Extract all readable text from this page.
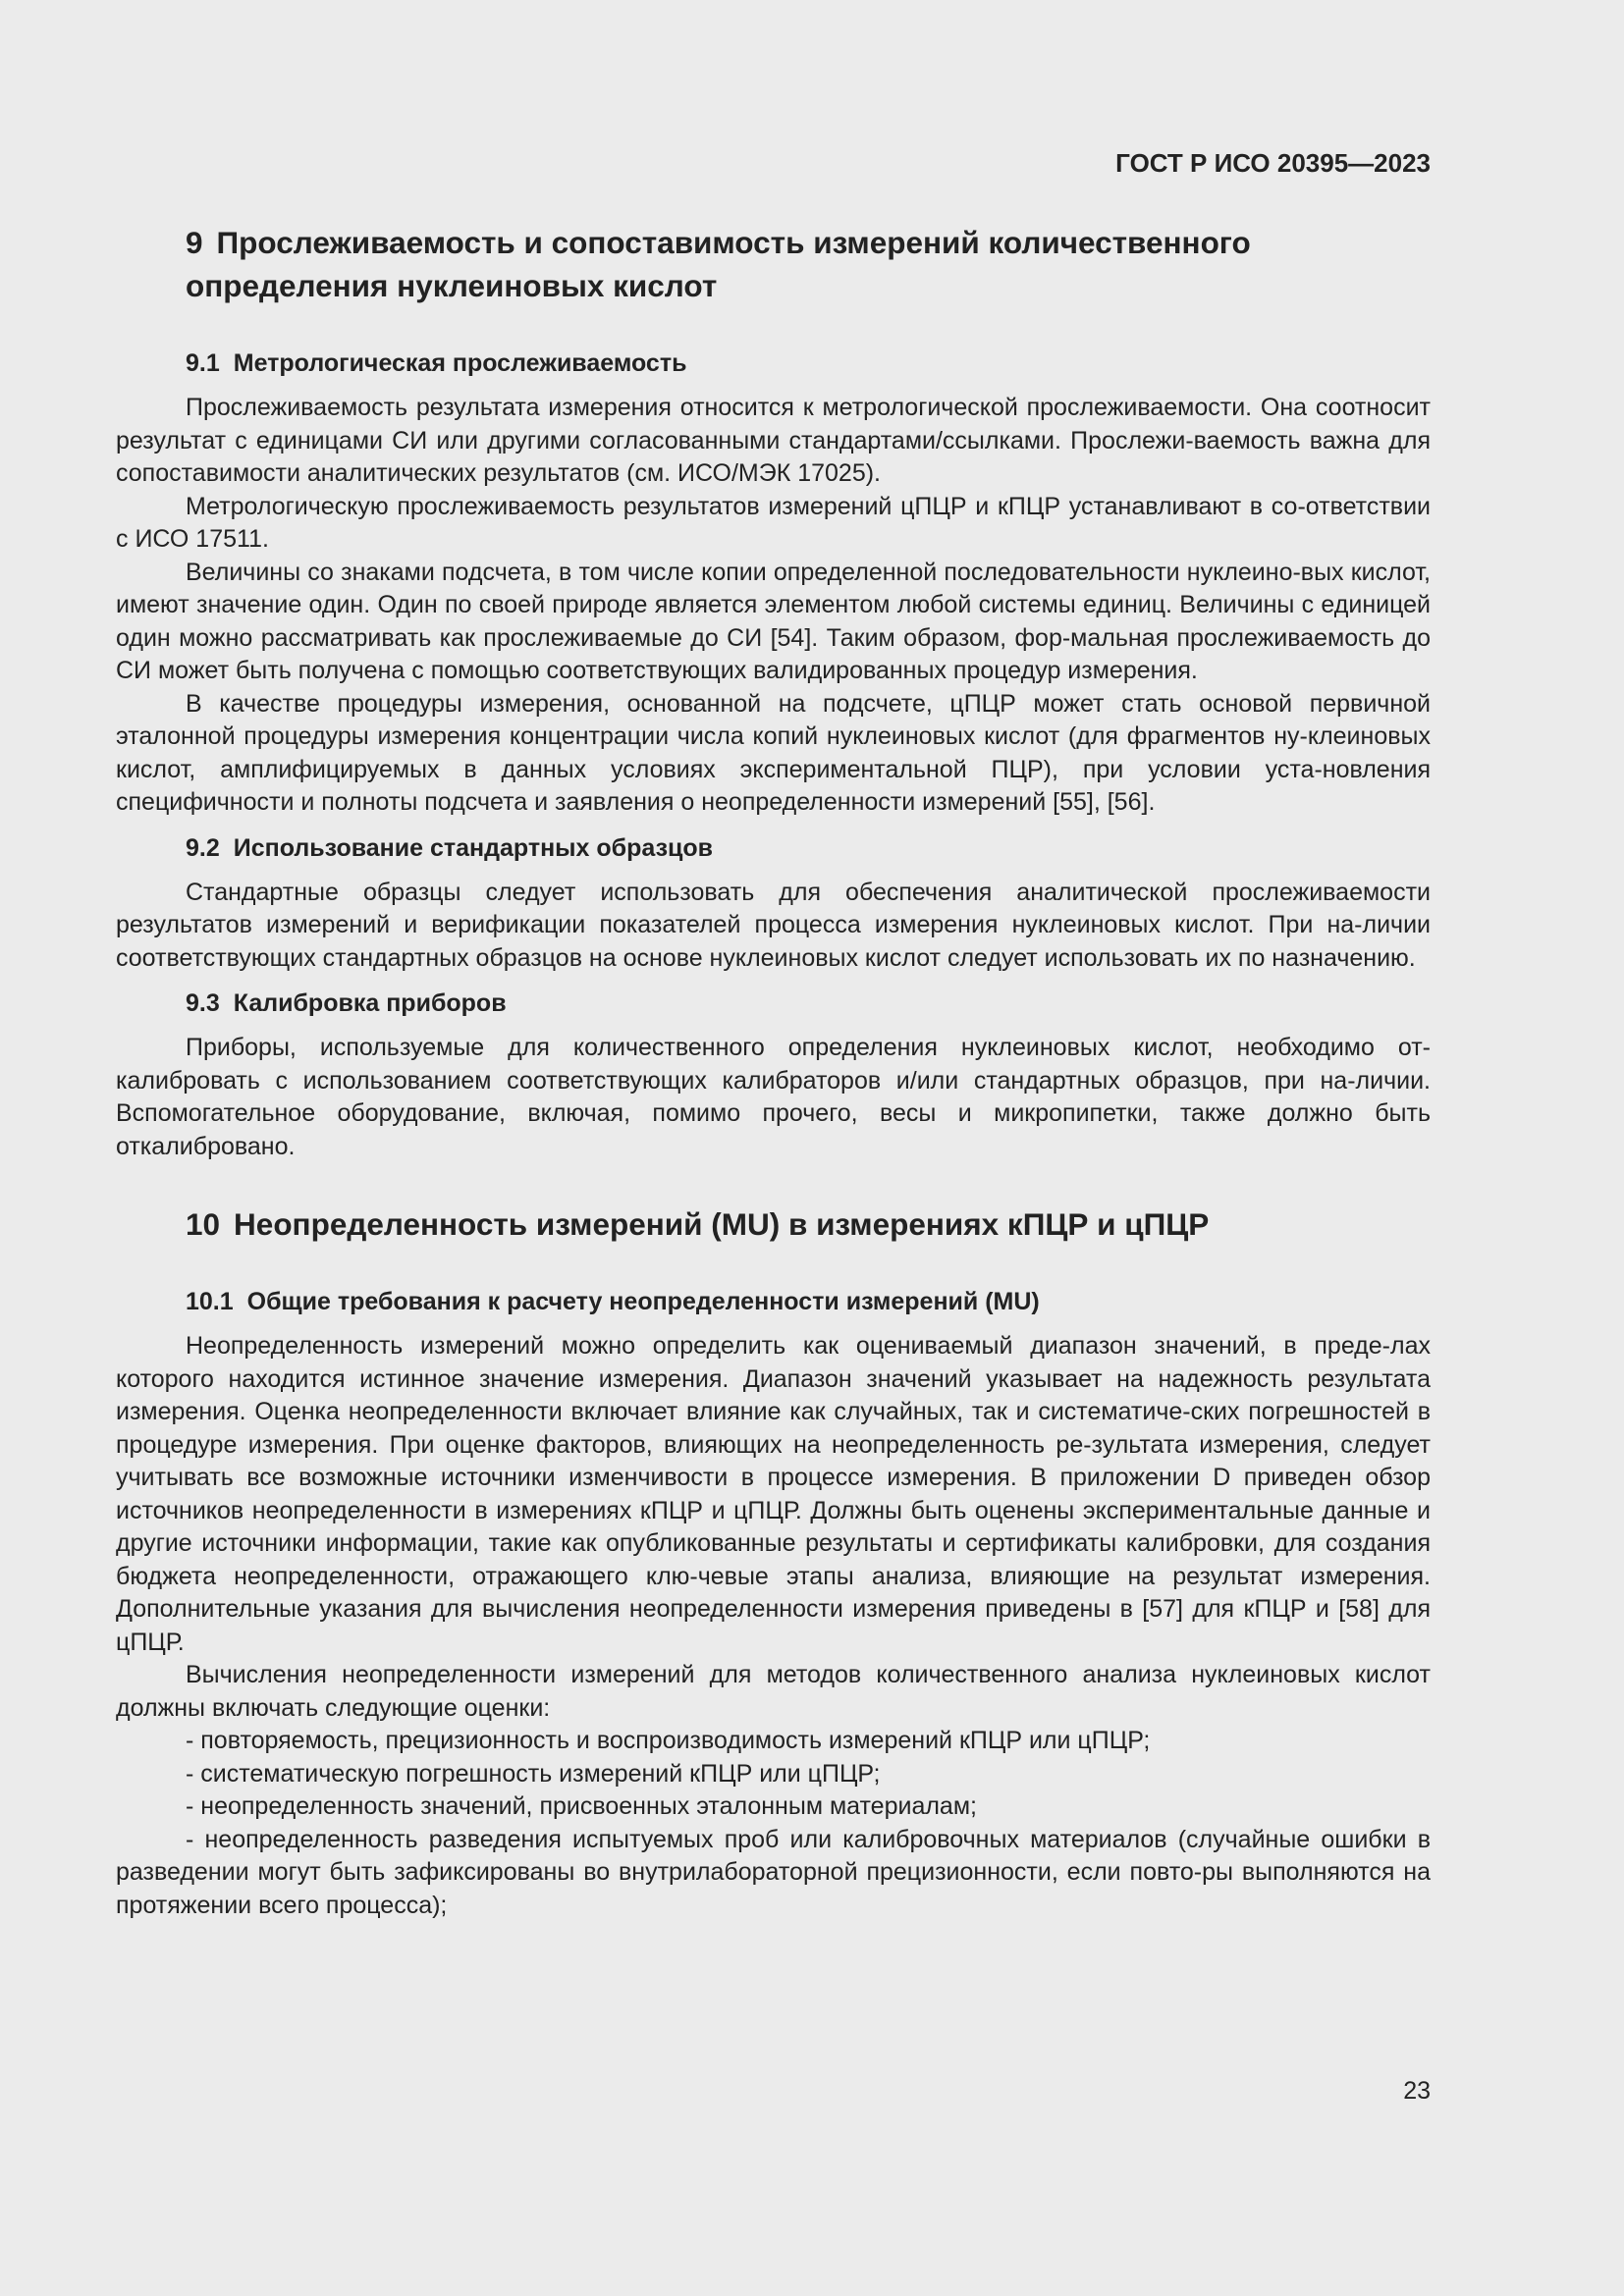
ГОСТ Р ИСО 20395—2023

9 Прослеживаемость и сопоставимость измерений количественного определения нуклеиновых кислот
9.1 Метрологическая прослеживаемость

Прослеживаемость результата измерения относится к метрологической прослеживаемости. Она соотносит результат с единицами СИ или другими согласованными стандартами/ссылками. Прослежи-ваемость важна для сопоставимости аналитических результатов (см. ИСО/МЭК 17025).

Метрологическую прослеживаемость результатов измерений цПЦР и кПЦР устанавливают в со-ответствии с ИСО 17511.

Величины со знаками подсчета, в том числе копии определенной последовательности нуклеино-вых кислот, имеют значение один. Один по своей природе является элементом любой системы единиц. Величины с единицей один можно рассматривать как прослеживаемые до СИ [54]. Таким образом, фор-мальная прослеживаемость до СИ может быть получена с помощью соответствующих валидированных процедур измерения.

В качестве процедуры измерения, основанной на подсчете, цПЦР может стать основой первичной эталонной процедуры измерения концентрации числа копий нуклеиновых кислот (для фрагментов ну-клеиновых кислот, амплифицируемых в данных условиях экспериментальной ПЦР), при условии уста-новления специфичности и полноты подсчета и заявления о неопределенности измерений [55], [56].

9.2 Использование стандартных образцов

Стандартные образцы следует использовать для обеспечения аналитической прослеживаемости результатов измерений и верификации показателей процесса измерения нуклеиновых кислот. При на-личии соответствующих стандартных образцов на основе нуклеиновых кислот следует использовать их по назначению.

9.3 Калибровка приборов

Приборы, используемые для количественного определения нуклеиновых кислот, необходимо от-калибровать с использованием соответствующих калибраторов и/или стандартных образцов, при на-личии. Вспомогательное оборудование, включая, помимо прочего, весы и микропипетки, также должно быть откалибровано.

10 Неопределенность измерений (MU) в измерениях кПЦР и цПЦР
10.1 Общие требования к расчету неопределенности измерений (MU)

Неопределенность измерений можно определить как оцениваемый диапазон значений, в преде-лах которого находится истинное значение измерения. Диапазон значений указывает на надежность результата измерения. Оценка неопределенности включает влияние как случайных, так и систематиче-ских погрешностей в процедуре измерения. При оценке факторов, влияющих на неопределенность ре-зультата измерения, следует учитывать все возможные источники изменчивости в процессе измерения. В приложении D приведен обзор источников неопределенности в измерениях кПЦР и цПЦР. Должны быть оценены экспериментальные данные и другие источники информации, такие как опубликованные результаты и сертификаты калибровки, для создания бюджета неопределенности, отражающего клю-чевые этапы анализа, влияющие на результат измерения. Дополнительные указания для вычисления неопределенности измерения приведены в [57] для кПЦР и [58] для цПЦР.

Вычисления неопределенности измерений для методов количественного анализа нуклеиновых кислот должны включать следующие оценки:

- повторяемость, прецизионность и воспроизводимость измерений кПЦР или цПЦР;
- систематическую погрешность измерений кПЦР или цПЦР;
- неопределенность значений, присвоенных эталонным материалам;
- неопределенность разведения испытуемых проб или калибровочных материалов (случайные ошибки в разведении могут быть зафиксированы во внутрилабораторной прецизионности, если повто-ры выполняются на протяжении всего процесса);

23
